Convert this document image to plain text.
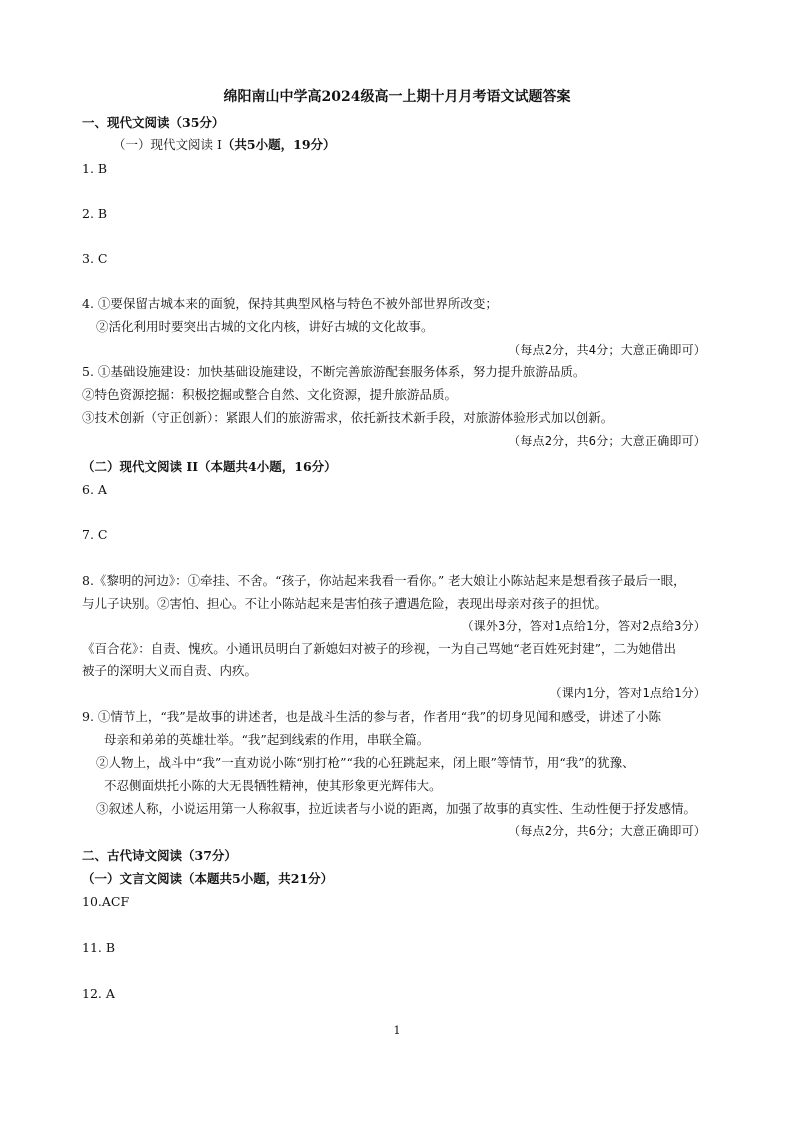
绵阳南山中学高2024级高一上期十月月考语文试题答案
一、现代文阅读（35分）
（一）现代文阅读 I（共5小题，19分）
1. B
2. B
3. C
4. ①要保留古城本来的面貌，保持其典型风格与特色不被外部世界所改变；
②活化利用时要突出古城的文化内核，讲好古城的文化故事。
（每点2分，共4分；大意正确即可）
5. ①基础设施建设：加快基础设施建设，不断完善旅游配套服务体系，努力提升旅游品质。
②特色资源挖掘：积极挖掘或整合自然、文化资源，提升旅游品质。
③技术创新（守正创新）：紧跟人们的旅游需求，依托新技术新手段，对旅游体验形式加以创新。
（每点2分，共6分；大意正确即可）
（二）现代文阅读 II（本题共4小题，16分）
6. A
7. C
8.《黎明的河边》：①牵挂、不舍。“孩子，你站起来我看一看你。” 老大娘让小陈站起来是想看孩子最后一眼，
与儿子诀别。②害怕、担心。不让小陈站起来是害怕孩子遭遇危险，表现出母亲对孩子的担忧。
（课外3分，答对1点给1分，答对2点给3分）
《百合花》：自责、愧疚。小通讯员明白了新媳妇对被子的珍视，一为自己骂她“老百姓死封建”，二为她借出
被子的深明大义而自责、内疚。
（课内1分，答对1点给1分）
9. ①情节上，“我”是故事的讲述者，也是战斗生活的参与者，作者用“我”的切身见闻和感受，讲述了小陈
母亲和弟弟的英雄壮举。“我”起到线索的作用，串联全篇。
②人物上，战斗中“我”一直劝说小陈“别打枪”“我的心狂跳起来，闭上眼”等情节，用“我”的犹豫、
不忍侧面烘托小陈的大无畏牺牲精神，使其形象更光辉伟大。
③叙述人称，小说运用第一人称叙事，拉近读者与小说的距离，加强了故事的真实性、生动性便于抒发感情。
（每点2分，共6分；大意正确即可）
二、古代诗文阅读（37分）
（一）文言文阅读（本题共5小题，共21分）
10.ACF
11. B
12. A
1
